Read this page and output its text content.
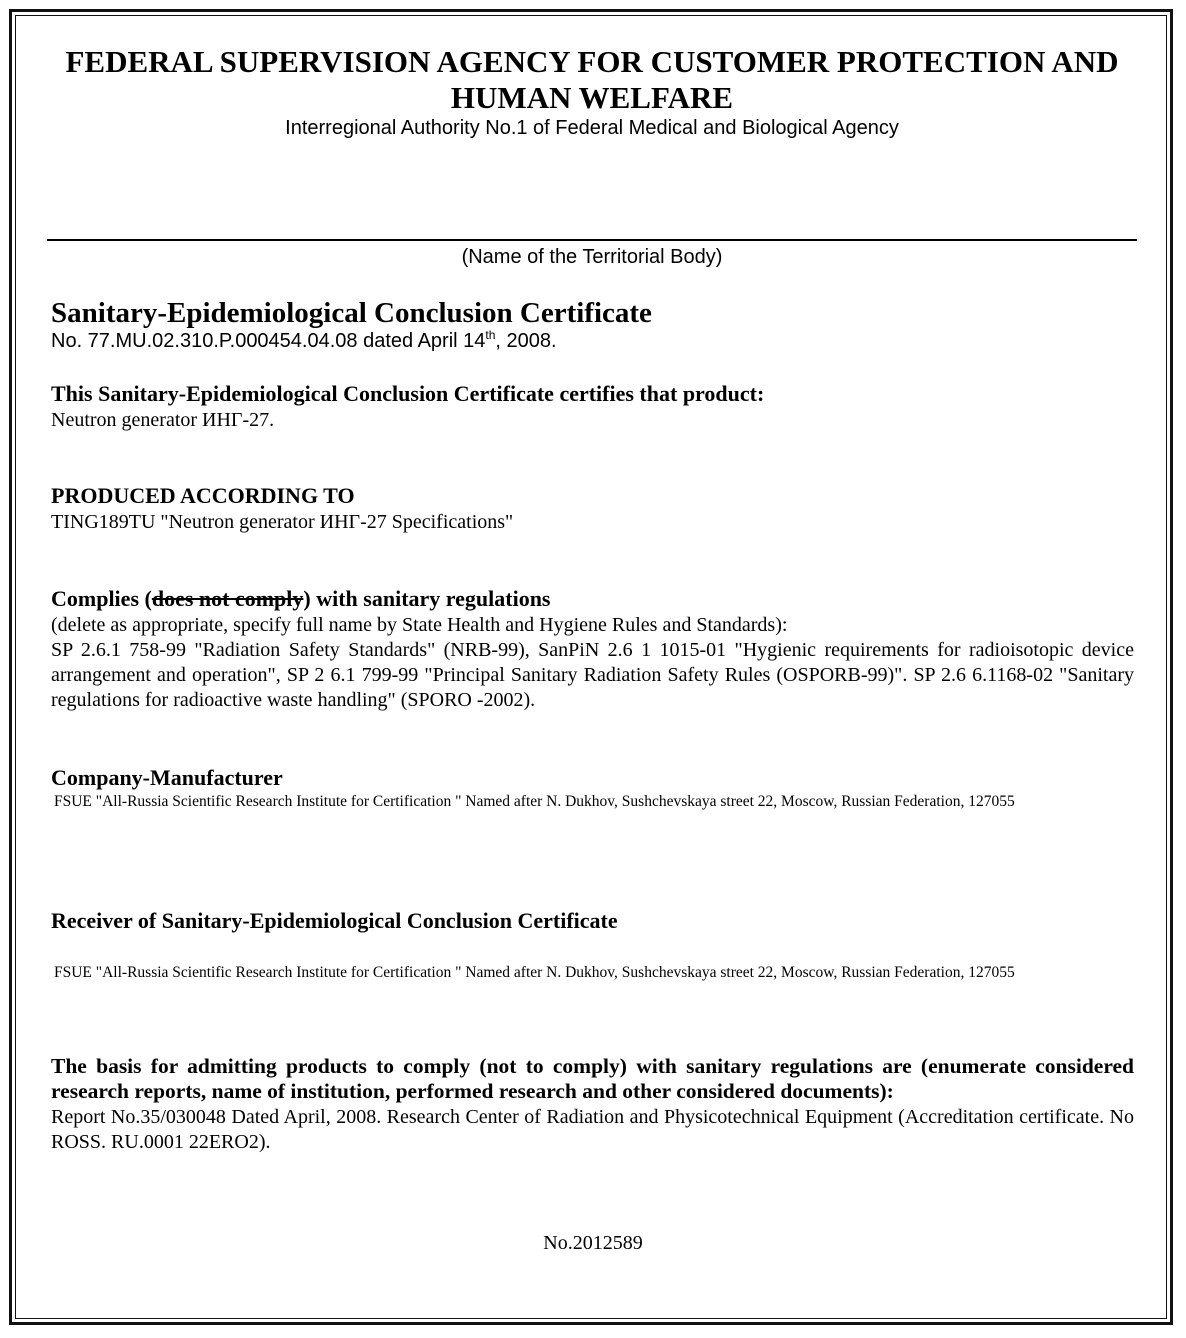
FEDERAL SUPERVISION AGENCY FOR CUSTOMER PROTECTION AND HUMAN WELFARE
Interregional Authority No.1 of Federal Medical and Biological Agency
(Name of the Territorial Body)
Sanitary-Epidemiological Conclusion Certificate
No. 77.MU.02.310.P.000454.04.08 dated April 14th, 2008.
This Sanitary-Epidemiological Conclusion Certificate certifies that product:
Neutron generator ИНГ-27.
PRODUCED ACCORDING TO
TING189TU "Neutron generator ИНГ-27 Specifications"
Complies (does not comply) with sanitary regulations
(delete as appropriate, specify full name by State Health and Hygiene Rules and Standards):
SP 2.6.1 758-99 "Radiation Safety Standards" (NRB-99), SanPiN 2.6 1 1015-01 "Hygienic requirements for radioisotopic device arrangement and operation", SP 2 6.1 799-99 "Principal Sanitary Radiation Safety Rules (OSPORB-99)". SP 2.6 6.1168-02 "Sanitary regulations for radioactive waste handling" (SPORO -2002).
Company-Manufacturer
FSUE "All-Russia Scientific Research Institute for Certification " Named after N. Dukhov, Sushchevskaya street 22, Moscow, Russian Federation, 127055
Receiver of Sanitary-Epidemiological Conclusion Certificate
FSUE "All-Russia Scientific Research Institute for Certification " Named after N. Dukhov, Sushchevskaya street 22, Moscow, Russian Federation, 127055
The basis for admitting products to comply (not to comply) with sanitary regulations are (enumerate considered research reports, name of institution, performed research and other considered documents):
Report No.35/030048 Dated April, 2008. Research Center of Radiation and Physicotechnical Equipment (Accreditation certificate. No ROSS. RU.0001 22ERO2).
No.2012589
